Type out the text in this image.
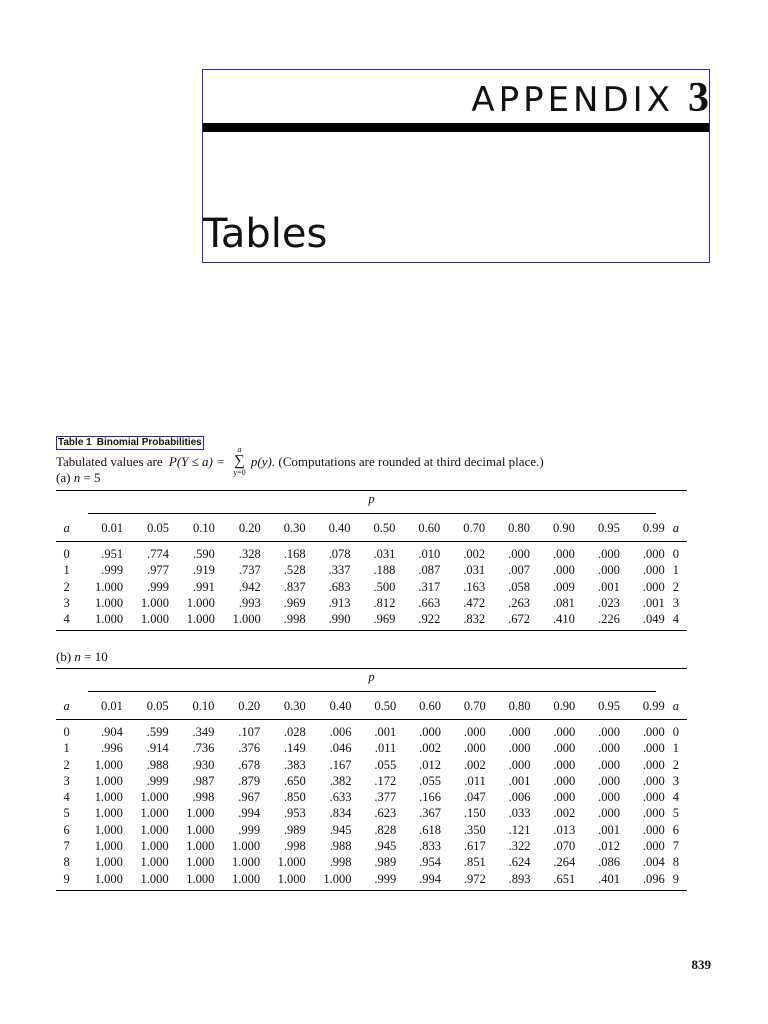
APPENDIX 3
Tables
Table 1 Binomial Probabilities
Tabulated values are P(Y ≤ a) =
a
∑
y=0
p(y). (Computations are rounded at third decimal place.)
(a) n = 5
p														
a	0.01	0.05	0.10	0.20	0.30	0.40	0.50	0.60	0.70	0.80	0.90	0.95	0.99	a
0	.951	.774	.590	.328	.168	.078	.031	.010	.002	.000	.000	.000	.000	0
1	.999	.977	.919	.737	.528	.337	.188	.087	.031	.007	.000	.000	.000	1
2	1.000	.999	.991	.942	.837	.683	.500	.317	.163	.058	.009	.001	.000	2
3	1.000	1.000	1.000	.993	.969	.913	.812	.663	.472	.263	.081	.023	.001	3
4	1.000	1.000	1.000	1.000	.998	.990	.969	.922	.832	.672	.410	.226	.049	4
(b) n = 10
p														
a	0.01	0.05	0.10	0.20	0.30	0.40	0.50	0.60	0.70	0.80	0.90	0.95	0.99	a
0	.904	.599	.349	.107	.028	.006	.001	.000	.000	.000	.000	.000	.000	0
1	.996	.914	.736	.376	.149	.046	.011	.002	.000	.000	.000	.000	.000	1
2	1.000	.988	.930	.678	.383	.167	.055	.012	.002	.000	.000	.000	.000	2
3	1.000	.999	.987	.879	.650	.382	.172	.055	.011	.001	.000	.000	.000	3
4	1.000	1.000	.998	.967	.850	.633	.377	.166	.047	.006	.000	.000	.000	4
5	1.000	1.000	1.000	.994	.953	.834	.623	.367	.150	.033	.002	.000	.000	5
6	1.000	1.000	1.000	.999	.989	.945	.828	.618	.350	.121	.013	.001	.000	6
7	1.000	1.000	1.000	1.000	.998	.988	.945	.833	.617	.322	.070	.012	.000	7
8	1.000	1.000	1.000	1.000	1.000	.998	.989	.954	.851	.624	.264	.086	.004	8
9	1.000	1.000	1.000	1.000	1.000	1.000	.999	.994	.972	.893	.651	.401	.096	9
839
